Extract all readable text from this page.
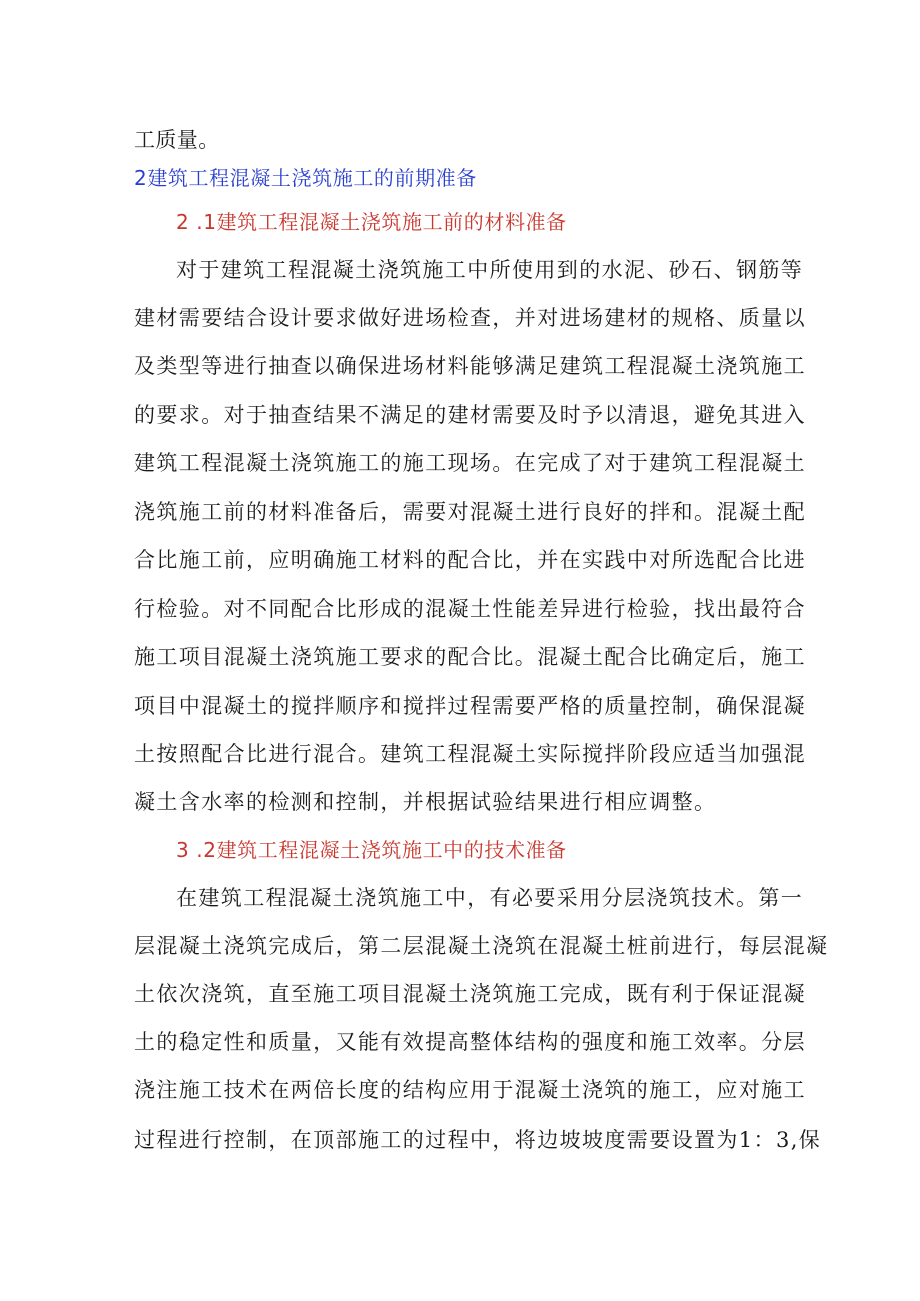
工质量。
2建筑工程混凝土浇筑施工的前期准备
2 .1建筑工程混凝土浇筑施工前的材料准备
对于建筑工程混凝土浇筑施工中所使用到的水泥、砂石、钢筋等
建材需要结合设计要求做好进场检查，并对进场建材的规格、质量以
及类型等进行抽查以确保进场材料能够满足建筑工程混凝土浇筑施工
的要求。对于抽查结果不满足的建材需要及时予以清退，避免其进入
建筑工程混凝土浇筑施工的施工现场。在完成了对于建筑工程混凝土
浇筑施工前的材料准备后，需要对混凝土进行良好的拌和。混凝土配
合比施工前，应明确施工材料的配合比，并在实践中对所选配合比进
行检验。对不同配合比形成的混凝土性能差异进行检验，找出最符合
施工项目混凝土浇筑施工要求的配合比。混凝土配合比确定后，施工
项目中混凝土的搅拌顺序和搅拌过程需要严格的质量控制，确保混凝
土按照配合比进行混合。建筑工程混凝土实际搅拌阶段应适当加强混
凝土含水率的检测和控制，并根据试验结果进行相应调整。
3 .2建筑工程混凝土浇筑施工中的技术准备
在建筑工程混凝土浇筑施工中，有必要采用分层浇筑技术。第一
层混凝土浇筑完成后，第二层混凝土浇筑在混凝土桩前进行，每层混凝
土依次浇筑，直至施工项目混凝土浇筑施工完成，既有利于保证混凝
土的稳定性和质量，又能有效提高整体结构的强度和施工效率。分层
浇注施工技术在两倍长度的结构应用于混凝土浇筑的施工，应对施工
过程进行控制，在顶部施工的过程中，将边坡坡度需要设置为1：3,保
